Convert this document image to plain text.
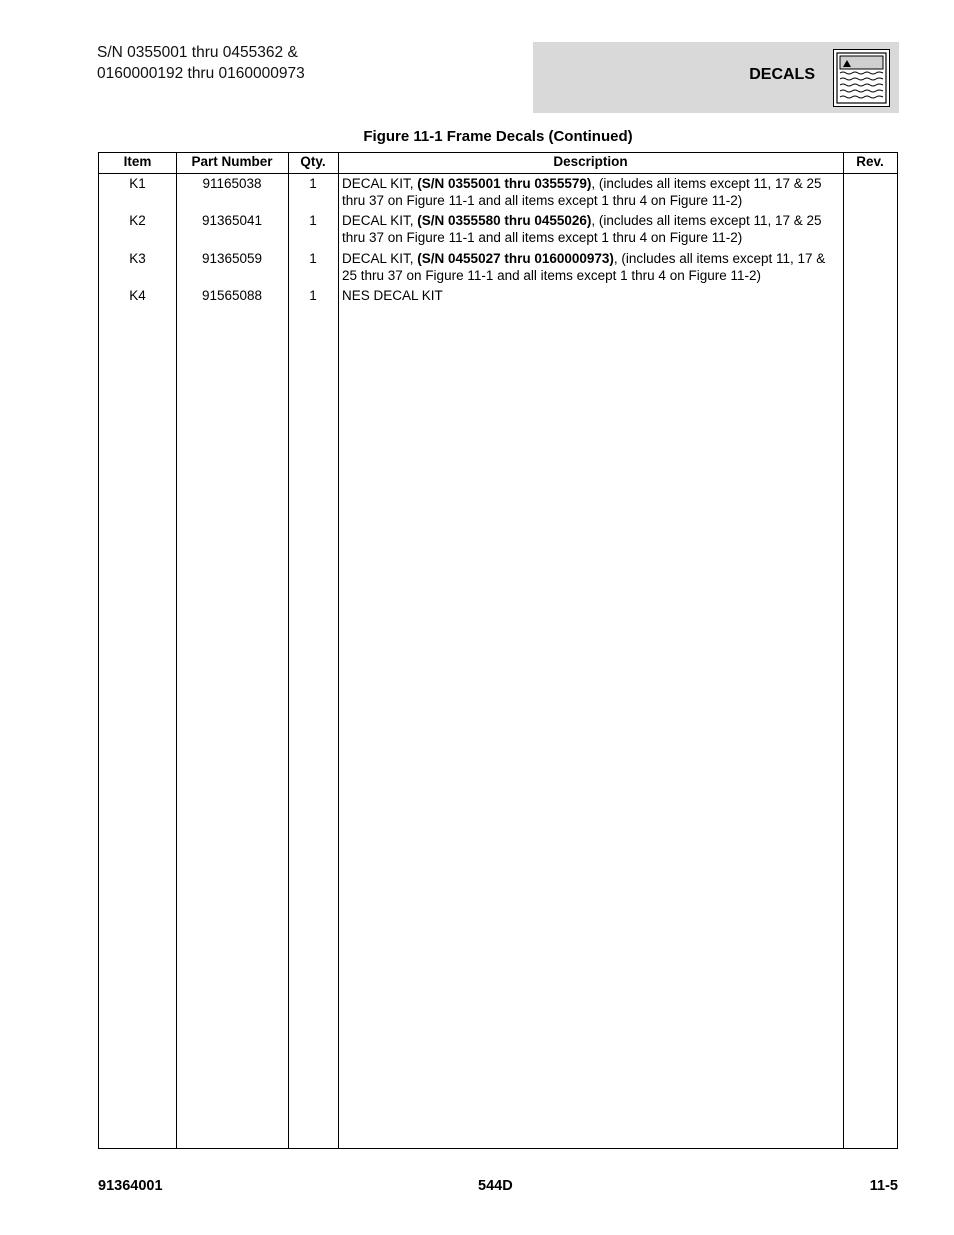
S/N 0355001 thru 0455362 &
0160000192 thru 0160000973	DECALS
Figure 11-1 Frame Decals (Continued)
Item	Part Number	Qty.	Description	Rev.
K1	91165038	1	DECAL KIT, (S/N 0355001 thru 0355579), (includes all items except 11, 17 & 25 thru 37 on Figure 11-1 and all items except 1 thru 4 on Figure 11-2)
K2	91365041	1	DECAL KIT, (S/N 0355580 thru 0455026), (includes all items except 11, 17 & 25 thru 37 on Figure 11-1 and all items except 1 thru 4 on Figure 11-2)
K3	91365059	1	DECAL KIT, (S/N 0455027 thru 0160000973), (includes all items except 11, 17 & 25 thru 37 on Figure 11-1 and all items except 1 thru 4 on Figure 11-2)
K4	91565088	1	NES DECAL KIT
91364001	544D	11-5
